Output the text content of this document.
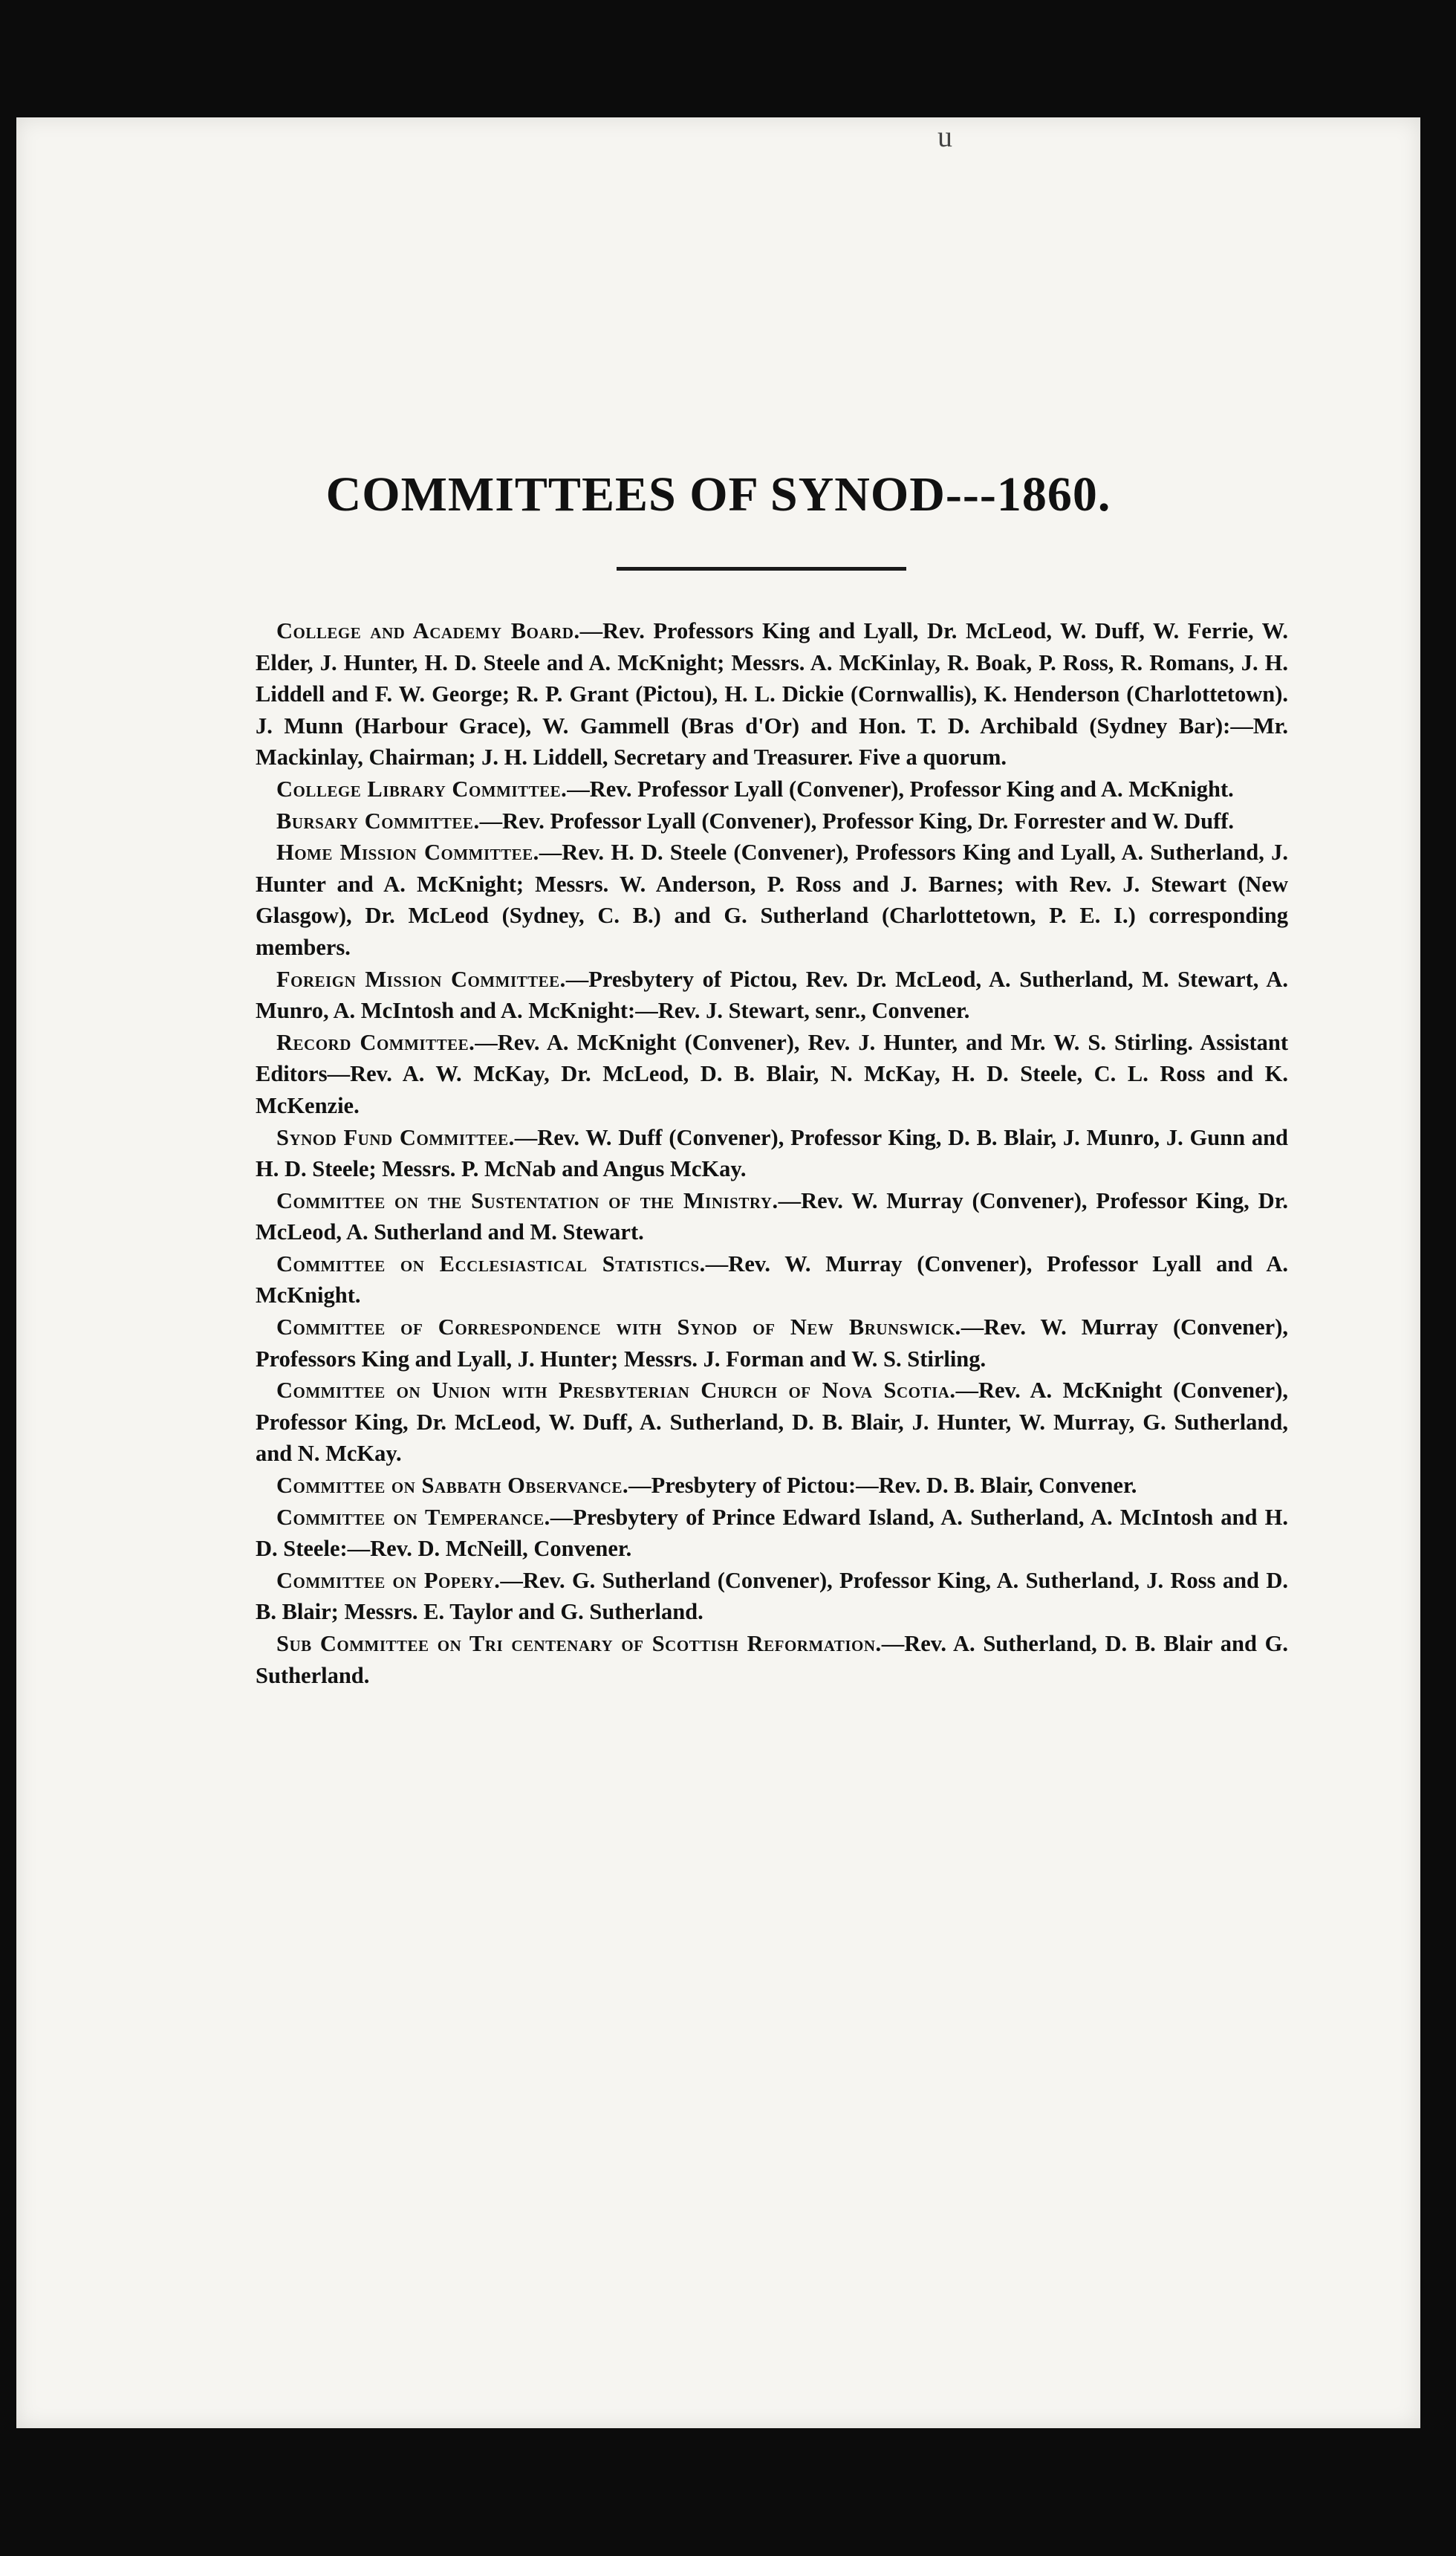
u
COMMITTEES OF SYNOD---1860.

College and Academy Board.—Rev. Professors King and Lyall, Dr. McLeod, W. Duff, W. Ferrie, W. Elder, J. Hunter, H. D. Steele and A. McKnight; Messrs. A. McKinlay, R. Boak, P. Ross, R. Romans, J. H. Liddell and F. W. George; R. P. Grant (Pictou), H. L. Dickie (Cornwallis), K. Henderson (Charlottetown). J. Munn (Harbour Grace), W. Gammell (Bras d'Or) and Hon. T. D. Archibald (Sydney Bar):—Mr. Mackinlay, Chairman; J. H. Liddell, Secretary and Treasurer. Five a quorum.

College Library Committee.—Rev. Professor Lyall (Convener), Professor King and A. McKnight.

Bursary Committee.—Rev. Professor Lyall (Convener), Professor King, Dr. Forrester and W. Duff.

Home Mission Committee.—Rev. H. D. Steele (Convener), Professors King and Lyall, A. Sutherland, J. Hunter and A. McKnight; Messrs. W. Anderson, P. Ross and J. Barnes; with Rev. J. Stewart (New Glasgow), Dr. McLeod (Sydney, C. B.) and G. Sutherland (Charlottetown, P. E. I.) corresponding members.

Foreign Mission Committee.—Presbytery of Pictou, Rev. Dr. McLeod, A. Sutherland, M. Stewart, A. Munro, A. McIntosh and A. McKnight:—Rev. J. Stewart, senr., Convener.

Record Committee.—Rev. A. McKnight (Convener), Rev. J. Hunter, and Mr. W. S. Stirling. Assistant Editors—Rev. A. W. McKay, Dr. McLeod, D. B. Blair, N. McKay, H. D. Steele, C. L. Ross and K. McKenzie.

Synod Fund Committee.—Rev. W. Duff (Convener), Professor King, D. B. Blair, J. Munro, J. Gunn and H. D. Steele; Messrs. P. McNab and Angus McKay.

Committee on the Sustentation of the Ministry.—Rev. W. Murray (Convener), Professor King, Dr. McLeod, A. Sutherland and M. Stewart.

Committee on Ecclesiastical Statistics.—Rev. W. Murray (Convener), Professor Lyall and A. McKnight.

Committee of Correspondence with Synod of New Brunswick.—Rev. W. Murray (Convener), Professors King and Lyall, J. Hunter; Messrs. J. Forman and W. S. Stirling.

Committee on Union with Presbyterian Church of Nova Scotia.—Rev. A. McKnight (Convener), Professor King, Dr. McLeod, W. Duff, A. Sutherland, D. B. Blair, J. Hunter, W. Murray, G. Sutherland, and N. McKay.

Committee on Sabbath Observance.—Presbytery of Pictou:—Rev. D. B. Blair, Convener.

Committee on Temperance.—Presbytery of Prince Edward Island, A. Sutherland, A. McIntosh and H. D. Steele:—Rev. D. McNeill, Convener.

Committee on Popery.—Rev. G. Sutherland (Convener), Professor King, A. Sutherland, J. Ross and D. B. Blair; Messrs. E. Taylor and G. Sutherland.

Sub Committee on Tri centenary of Scottish Reformation.—Rev. A. Sutherland, D. B. Blair and G. Sutherland.
